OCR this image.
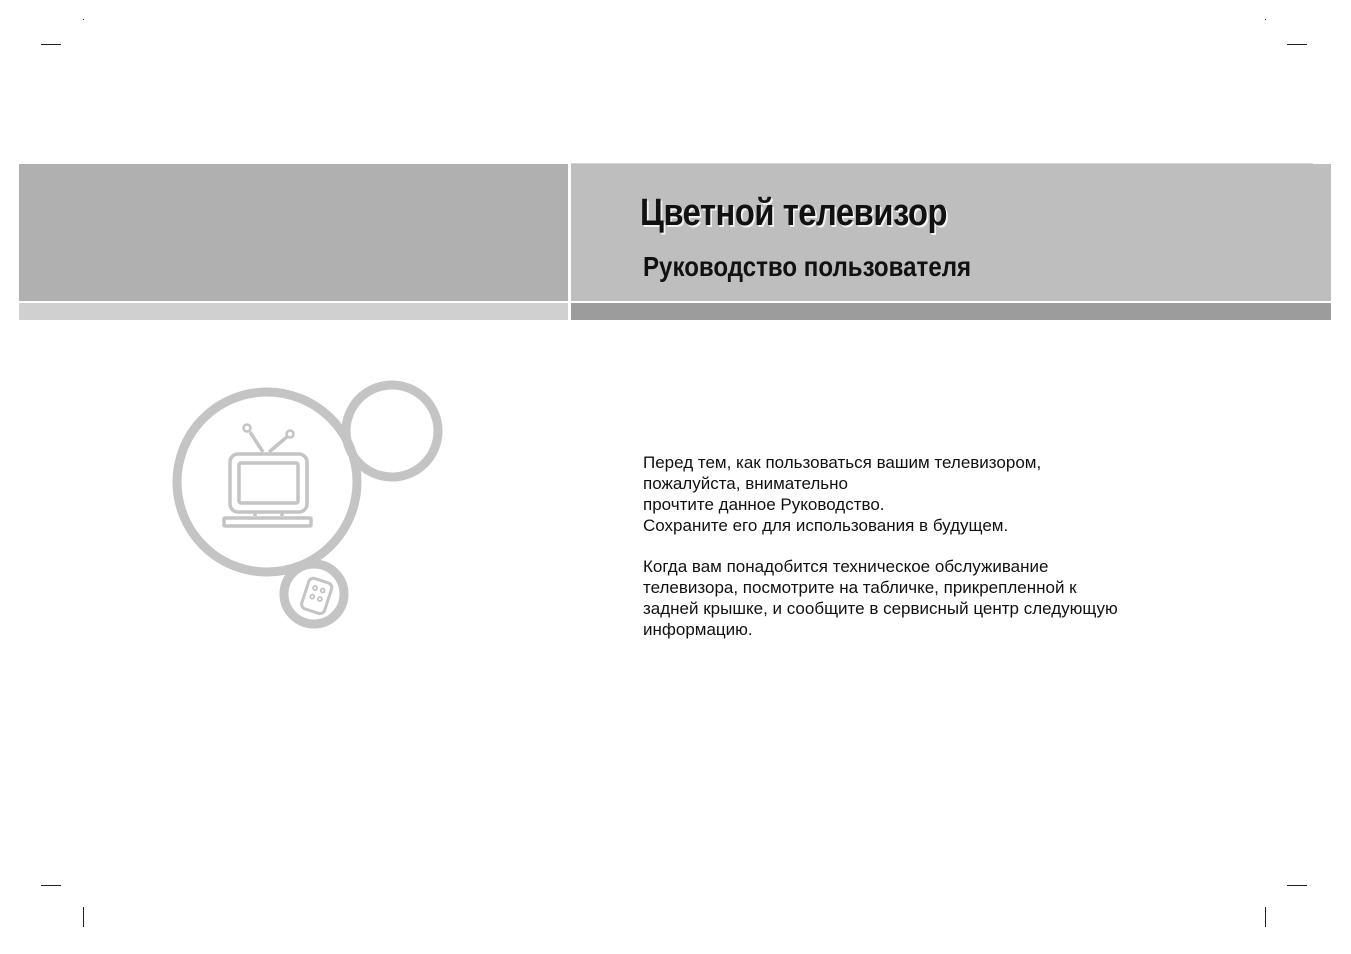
Цветной телевизор
Руководство пользователя

Перед тем, как пользоваться вашим телевизором,

пожалуйста, внимательно

прочтите данное Руководство.

Сохраните его для использования в будущем.

Когда вам понадобится техническое обслуживание

телевизора, посмотрите на табличке, прикрепленной к

задней крышке, и сообщите в сервисный центр следующую

информацию.
